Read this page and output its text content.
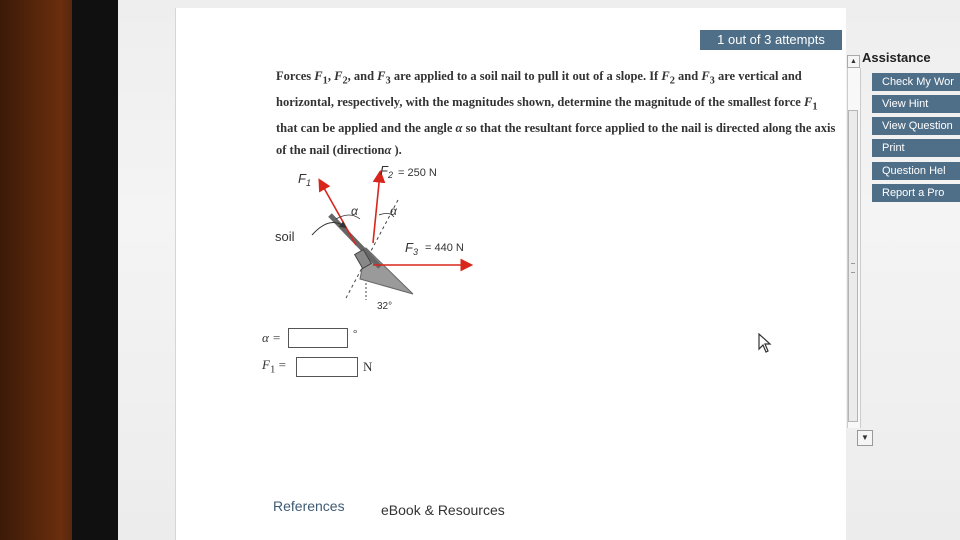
1 out of 3 attempts
Forces $F_1$, $F_2$, and $F_3$ are applied to a soil nail to pull it out of a slope. If $F_2$ and $F_3$ are vertical and horizontal, respectively, with the magnitudes shown, determine the magnitude of the smallest force $F_1$ that can be applied and the angle α so that the resultant force applied to the nail is directed along the axis of the nail (directionα ).
$F_1$
$F_2 = 250$ N
$F_3 = 440$ N
α	α
soil
32°
α =	°
$F_1$ =	N
References	eBook & Resources
▲ Assistance
▼
Check My Wor
View Hint
View Question
Print
Question Hel
Report a Pro
